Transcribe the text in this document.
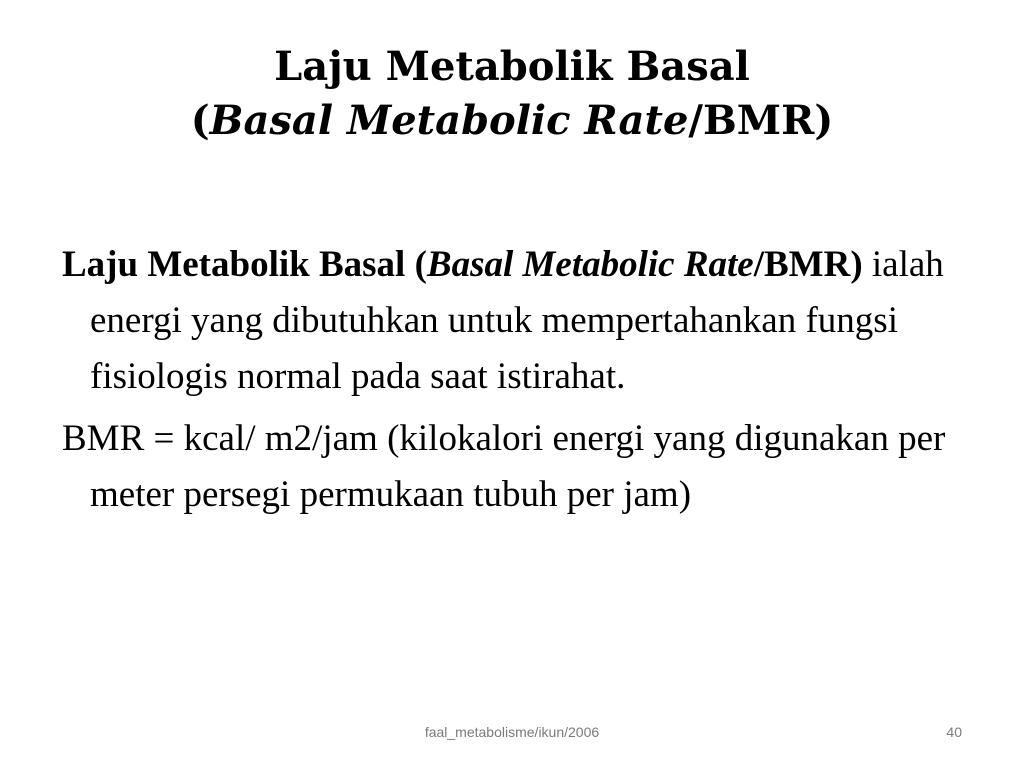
Laju Metabolik Basal
(Basal Metabolic Rate/BMR)

Laju Metabolik Basal (Basal Metabolic Rate/BMR) ialah energi yang dibutuhkan untuk mempertahankan fungsi fisiologis normal pada saat istirahat.

BMR = kcal/ m2/jam (kilokalori energi yang digunakan per meter persegi permukaan tubuh per jam)

faal_metabolisme/ikun/2006	40
